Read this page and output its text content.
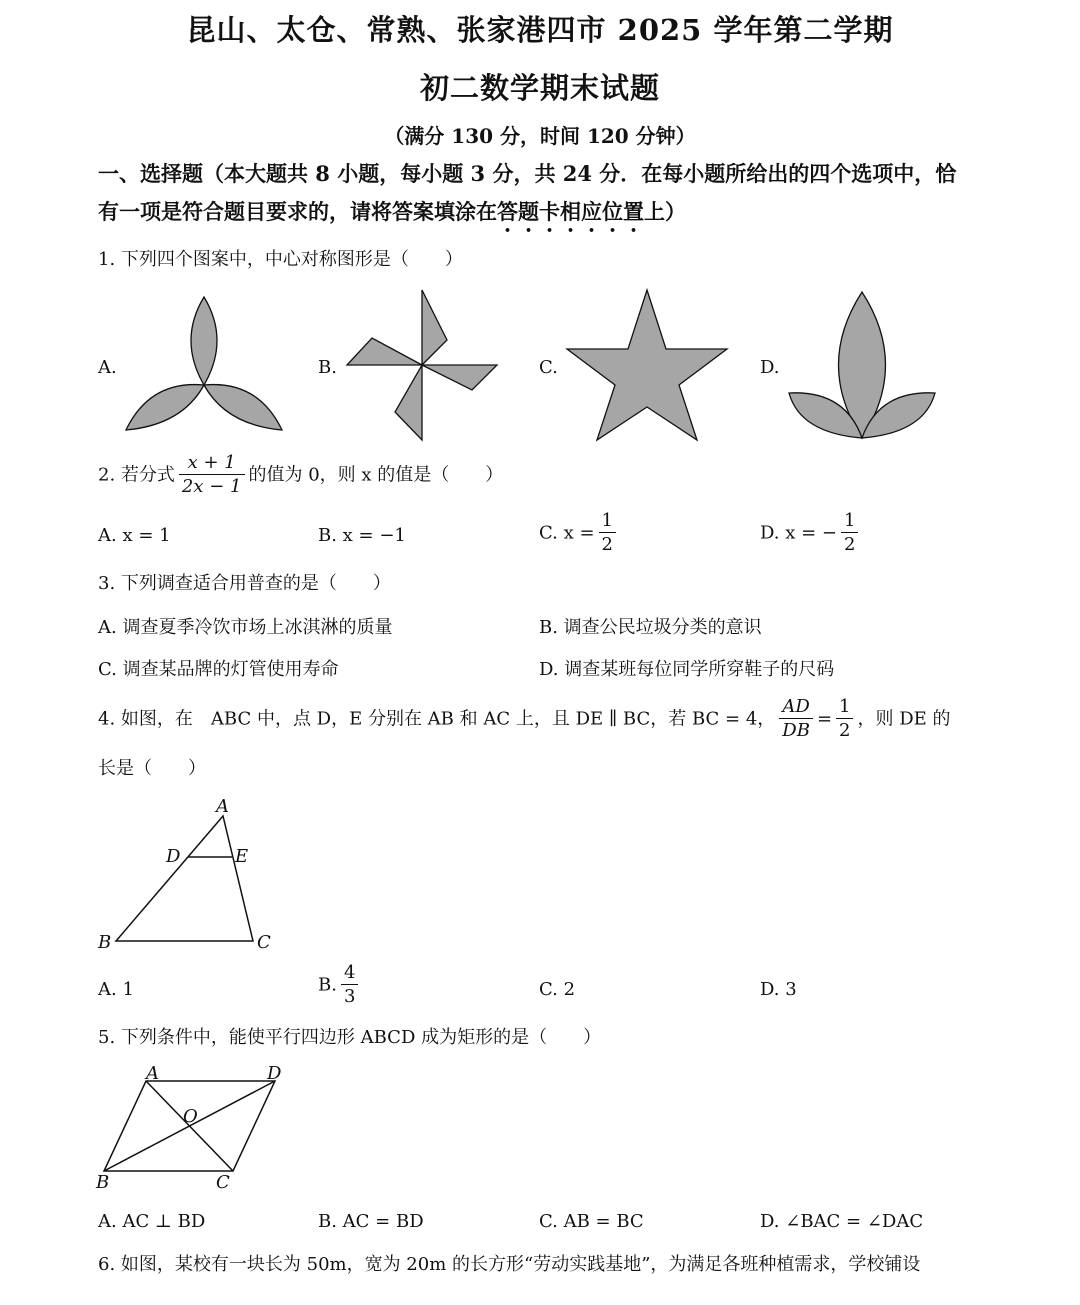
昆山、太仓、常熟、张家港四市 2025 学年第二学期
初二数学期末试题
（满分 130 分，时间 120 分钟）
一、选择题（本大题共 8 小题，每小题 3 分，共 24 分．在每小题所给出的四个选项中，恰
有一项是符合题目要求的，请将答案填涂在答题卡相应位置上）
1. 下列四个图案中，中心对称图形是（　　）
A.	B.	C.	D.
2. 若分式 $\frac{x + 1}{2x - 1}$ 的值为 0，则 x 的值是（　　）
A. x = 1	B. x = −1	C. $x = \frac{1}{2}$	D. x = − $\frac{1}{2}$
3. 下列调查适合用普查的是（　　）
A. 调查夏季冷饮市场上冰淇淋的质量	B. 调查公民垃圾分类的意识
C. 调查某品牌的灯管使用寿命	D. 调查某班每位同学所穿鞋子的尺码
4. 如图，在　ABC 中，点 D，E 分别在 AB 和 AC 上，且 DE ∥ BC，若 BC = 4， $\frac{AD}{DB} = \frac{1}{2}$ ，则 DE 的
长是（　　）
A
D	E
B	C
A. 1	B. $\frac{4}{3}$	C. 2	D. 3
5. 下列条件中，能使平行四边形 ABCD 成为矩形的是（　　）
A	D
O
B	C
A. AC ⊥ BD	B. AC = BD	C. AB = BC	D. ∠BAC = ∠DAC
6. 如图，某校有一块长为 50m，宽为 20m 的长方形“劳动实践基地”，为满足各班种植需求，学校铺设
